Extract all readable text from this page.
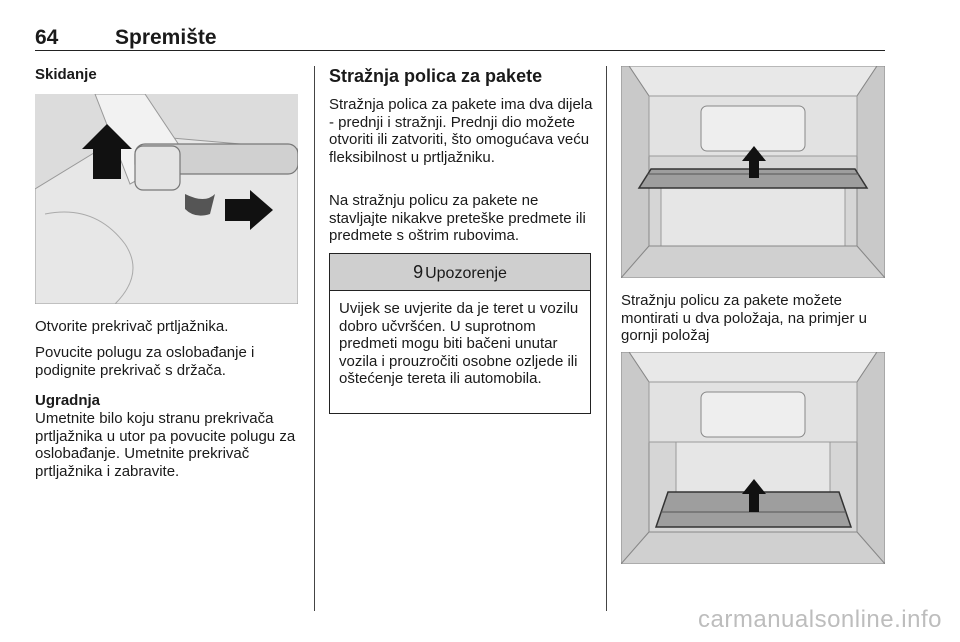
64	Spremište
Skidanje

Otvorite prekrivač prtljažnika.

Povucite polugu za oslobađanje i podignite prekrivač s držača.

Ugradnja

Umetnite bilo koju stranu prekrivača prtljažnika u utor pa povucite polugu za oslobađanje. Umetnite prekrivač prtljažnika i zabravite.

Stražnja polica za pakete

Stražnja polica za pakete ima dva dijela - prednji i stražnji. Prednji dio možete otvoriti ili zatvoriti, što omogućava veću fleksibilnost u prtljažniku.

Na stražnju policu za pakete ne stavljajte nikakve preteške predmete ili predmete s oštrim rubovima.

9 Upozorenje
Uvijek se uvjerite da je teret u vozilu dobro učvršćen. U suprotnom predmeti mogu biti bačeni unutar vozila i prouzročiti osobne ozljede ili oštećenje tereta ili automobila.

Stražnju policu za pakete možete montirati u dva položaja, na primjer u gornji položaj

carmanualsonline.info
